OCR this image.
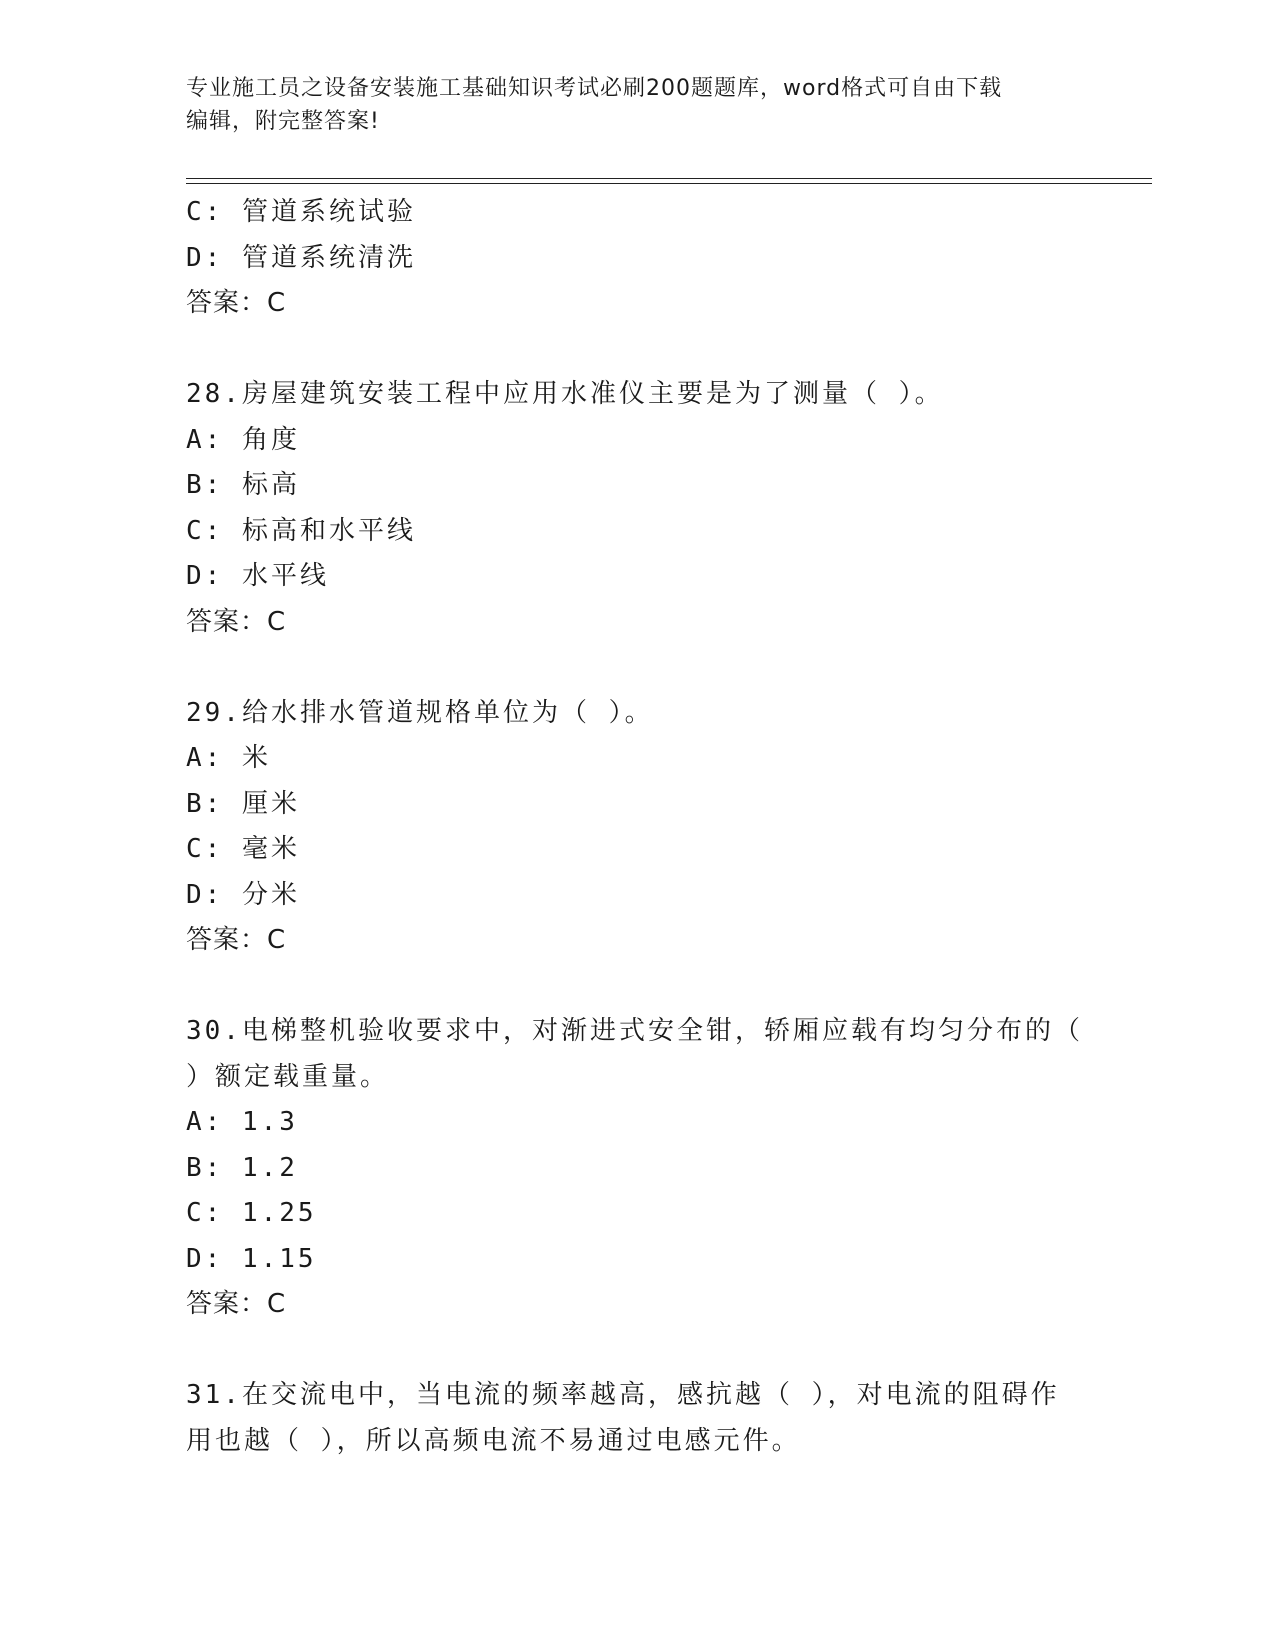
专业施工员之设备安装施工基础知识考试必刷200题题库，word格式可自由下载
编辑，附完整答案!
C: 管道系统试验
D: 管道系统清洗
答案：C
28.房屋建筑安装工程中应用水准仪主要是为了测量（ ）。
A: 角度
B: 标高
C: 标高和水平线
D: 水平线
答案：C
29.给水排水管道规格单位为（ ）。
A: 米
B: 厘米
C: 毫米
D: 分米
答案：C
30.电梯整机验收要求中，对渐进式安全钳，轿厢应载有均匀分布的（
）额定载重量。
A: 1.3
B: 1.2
C: 1.25
D: 1.15
答案：C
31.在交流电中，当电流的频率越高，感抗越（ ），对电流的阻碍作
用也越（ ），所以高频电流不易通过电感元件。
